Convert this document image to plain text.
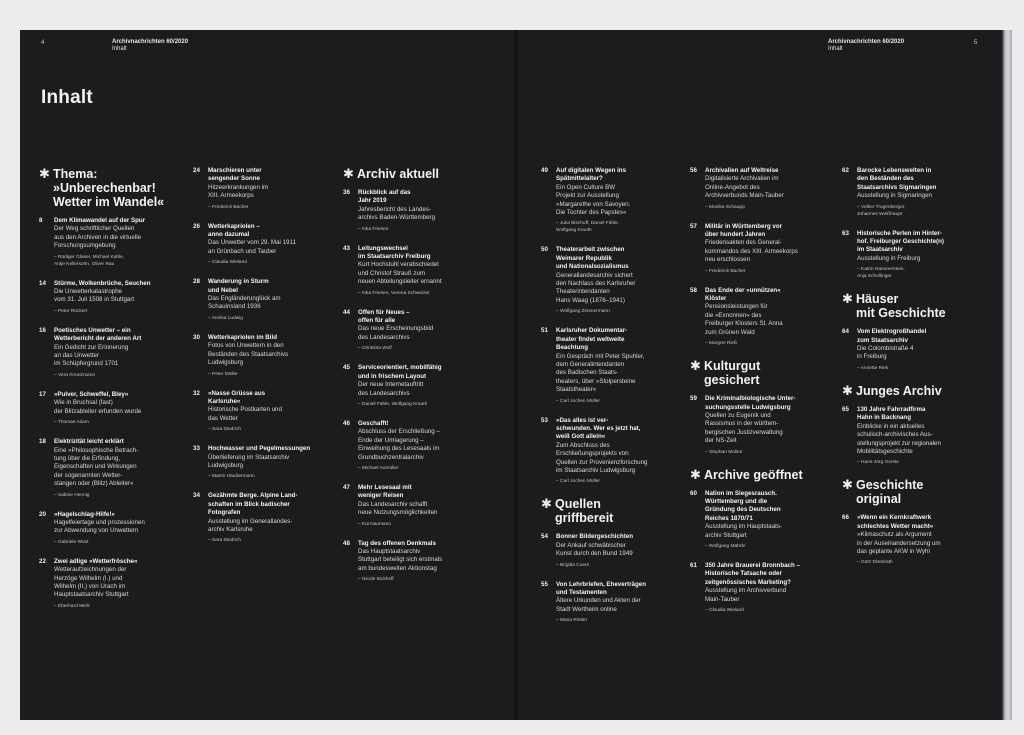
4	Archivnachrichten 60/2020
Inhalt
Inhalt
✱ Thema:
»Unberechenbar!
Wetter im Wandel«
8	Dem Klimawandel auf der Spur
Der Weg schriftlicher Quellen
aus den Archiven in die virtuelle
Forschungsumgebung
– Rüdiger Glaser, Michael Kahle,
Antje Kellersohn, Oliver Rau
14	Stürme, Wolkenbrüche, Seuchen
Die Unwetterkatastrophe
vom 31. Juli 1508 in Stuttgart
– Peter Rückert
16	Poetisches Unwetter – ein
Wetterbericht der anderen Art
Ein Gedicht zur Erinnerung
an das Unwetter
im Schüpfergrund 1701
– Vera Kreutzmann
17	»Pulver, Schweffel, Bley«
Wie in Bruchsal (fast)
der Blitzableiter erfunden wurde
– Thomas Adam
18	Elektrizität leicht erklärt
Eine »Philosophische Betrach-
tung über die Erfindung,
Eigenschaften und Wirkungen
der sogenannten Wetter-
stangen oder (Blitz) Ableiter«
– Sabine Hennig
20	»Hagelschlag-Hilfe!«
Hagelfeiertage und prozessionen
zur Abwendung von Unwettern
– Gabriele Wüst
22	Zwei adlige »Wetterfrösche«
Wetteraufzeichnungen der
Herzöge Wilhelm (I.) und
Wilhelm (II.) von Urach im
Hauptstaatsarchiv Stuttgart
– Eberhard Merk
24	Marschieren unter
sengender Sonne
Hitzeerkrankungen im
XIII. Armeekorps
– Frederick Bacher
26	Wetterkapriolen –
anno dazumal
Das Unwetter vom 29. Mai 1911
an Grünbach und Tauber
– Claudia Wieland
28	Wanderung in Sturm
und Nebel
Das Engländerunglück am
Schauinsland 1936
– Annika Ludwig
30	Wetterkapriolen im Bild
Fotos von Unwettern in den
Beständen des Staatsarchivs
Ludwigsburg
– Peter Müller
32	»Nasse Grüsse aus
Karlsruhe«
Historische Postkarten und
das Wetter
– Sara Diedrich
33	Hochwasser und Pegelmessungen
Überlieferung im Staatsarchiv
Ludwigsburg
– Martin Häußermann
34	Gezähmte Berge. Alpine Land-
schaften im Blick badischer
Fotografen
Ausstellung im Generallandes-
archiv Karlsruhe
– Sara Diedrich
✱ Archiv aktuell
36	Rückblick auf das
Jahr 2019
Jahresbericht des Landes-
archivs Baden-Württemberg
– Inka Friesen
43	Leitungswechsel
im Staatsarchiv Freiburg
Kurt Hochstuhl verabschiedet
und Christof Strauß zum
neuen Abteilungsleiter ernannt
– Inka Friesen, Verena Schweizer
44	Offen für Neues –
offen für alle
Das neue Erscheinungsbild
des Landesarchivs
– Christina Wolf
45	Serviceorientiert, mobilfähig
und in frischem Layout
Der neue Internetauftritt
des Landesarchivs
– Daniel Fähle, Wolfgang Krauth
46	Geschafft!
Abschluss der Erschließung –
Ende der Umlagerung –
Einweihung des Lesesaals im
Grundbuchzentralarchiv
– Michael Aumüller
47	Mehr Lesesaal mit
weniger Reisen
Das Landesarchiv schafft
neue Nutzungsmöglichkeiten
– Kai Naumann
48	Tag des offenen Denkmals
Das Hauptstaatsarchiv
Stuttgart beteiligt sich erstmals
am bundesweiten Aktionstag
– Nicole Bickhoff
Archivnachrichten 60/2020
Inhalt
5
49	Auf digitalen Wegen ins
Spätmittelalter?
Ein Open Culture BW
Projekt zur Ausstellung
»Margarethe von Savoyen:
Die Tochter des Papstes«
– Julia Bischoff, Daniel Fähle,
Wolfgang Krauth
50	Theaterarbeit zwischen
Weimarer Republik
und Nationalsozialismus
Generallandesarchiv sichert
den Nachlass des Karlsruher
Theaterintendanten
Hans Waag (1876–1941)
– Wolfgang Zimmermann
51	Karlsruher Dokumentar-
theater findet weltweite
Beachtung
Ein Gespräch mit Peter Spuhler,
dem Generalintendanten
des Badischen Staats-
theaters, über »Stolpersteine
Staatstheater«
– Carl Jochen Müller
53	»Das alles ist ver-
schwunden. Wer es jetzt hat,
weiß Gott allein«
Zum Abschluss des
Erschließungsprojekts von
Quellen zur Provenienzforschung
im Staatsarchiv Ludwigsburg
– Carl Jochen Müller
✱ Quellen
griffbereit
54	Bonner Bildergeschichten
Der Ankauf schwäbischer
Kunst durch den Bund 1949
– Brigitta Coers
55	Von Lehrbriefen, Eheverträgen
und Testamenten
Ältere Urkunden und Akten der
Stadt Wertheim online
– Maria Rösler
56	Archivalien auf Weltreise
Digitalisierte Archivalien im
Online-Angebot des
Archivverbunds Main-Tauber
– Monika Schaupp
57	Militär in Württemberg vor
über hundert Jahren
Friedensakten des General-
kommandos des XIII. Armeekorps
neu erschlossen
– Frederick Bacher
58	Das Ende der »unnützen«
Klöster
Pensionsleistungen für
die »Exnonnen« des
Freiburger Klosters St. Anna
zum Grünen Wald
– Margret Rieß
✱ Kulturgut
gesichert
59	Die Kriminalbiologische Unter-
suchungsstelle Ludwigsburg
Quellen zu Eugenik und
Rassismus in der württem-
bergischen Justizverwaltung
der NS-Zeit
– Stephan Molitor
✱ Archive geöffnet
60	Nation im Siegesrausch.
Württemberg und die
Gründung des Deutschen
Reiches 1870/71
Ausstellung im Hauptstaats-
archiv Stuttgart
– Wolfgang Mährle
61	350 Jahre Brauerei Bronnbach –
Historische Tatsache oder
zeitgenössisches Marketing?
Ausstellung im Archivverbund
Main-Tauber
– Claudia Wieland
62	Barocke Lebenswelten in
den Beständen des
Staatsarchivs Sigmaringen
Ausstellung in Sigmaringen
– Volker Trugenberger,
Johannes Weißhaupt
63	Historische Perlen im Hinter-
hof. Freiburger Geschichte(n)
im Staatsarchiv
Ausstellung in Freiburg
– Katrin Hammerstein,
Anja Schellinger
✱ Häuser
mit Geschichte
64	Vom Elektrogroßhandel
zum Staatsarchiv
Die Colombistraße 4
in Freiburg
– Annette Riek
✱ Junges Archiv
65	130 Jahre Fahrradfirma
Hahn in Backnang
Einblicke in ein aktuelles
schulisch-archivisches Aus-
stellungsprojekt zur regionalen
Mobilitätsgeschichte
– Hans-Jörg Gerste
✱ Geschichte
original
66	»Wenn ein Kernkraftwerk
schlechtes Wetter macht«
»Klimaschutz als Argument
in der Auseinandersetzung um
das geplante AKW in Wyhl
– Götz Distelrath
